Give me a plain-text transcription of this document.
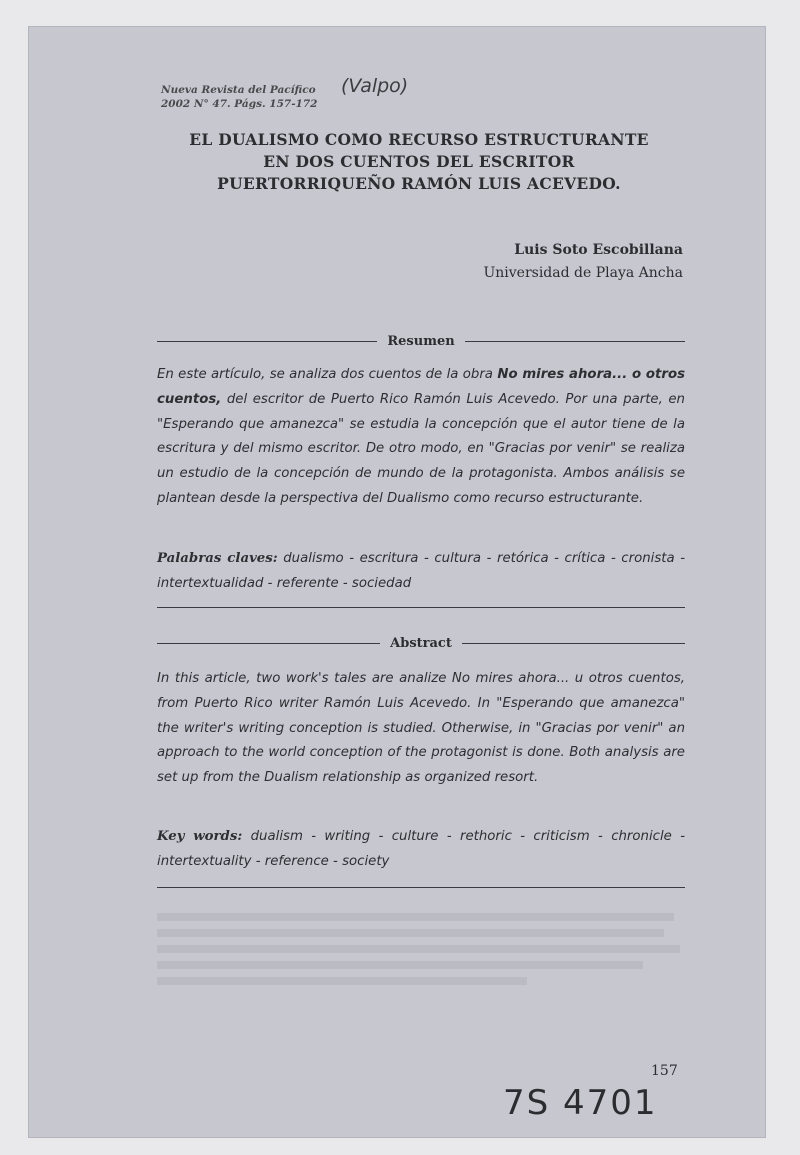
Nueva Revista del Pacífico
2002 N° 47. Págs. 157-172
(Valpo)
EL DUALISMO COMO RECURSO ESTRUCTURANTE
EN DOS CUENTOS DEL ESCRITOR
PUERTORRIQUEÑO RAMÓN LUIS ACEVEDO.
Luis Soto Escobillana
Universidad de Playa Ancha
Resumen
En este artículo, se analiza dos cuentos de la obra No mires ahora... o otros cuentos, del escritor de Puerto Rico Ramón Luis Acevedo. Por una parte, en "Esperando que amanezca" se estudia la concepción que el autor tiene de la escritura y del mismo escritor. De otro modo, en "Gracias por venir" se realiza un estudio de la concepción de mundo de la protagonista. Ambos análisis se plantean desde la perspectiva del Dualismo como recurso estructurante.
Palabras claves: dualismo - escritura - cultura - retórica - crítica - cronista - intertextualidad - referente - sociedad
Abstract
In this article, two work's tales are analize No mires ahora... u otros cuentos, from Puerto Rico writer Ramón Luis Acevedo. In "Esperando que amanezca" the writer's writing conception is studied. Otherwise, in "Gracias por venir" an approach to the world conception of the protagonist is done. Both analysis are set up from the Dualism relationship as organized resort.
Key words: dualism - writing - culture - rethoric - criticism - chronicle - intertextuality - reference - society
157
7S 4701
